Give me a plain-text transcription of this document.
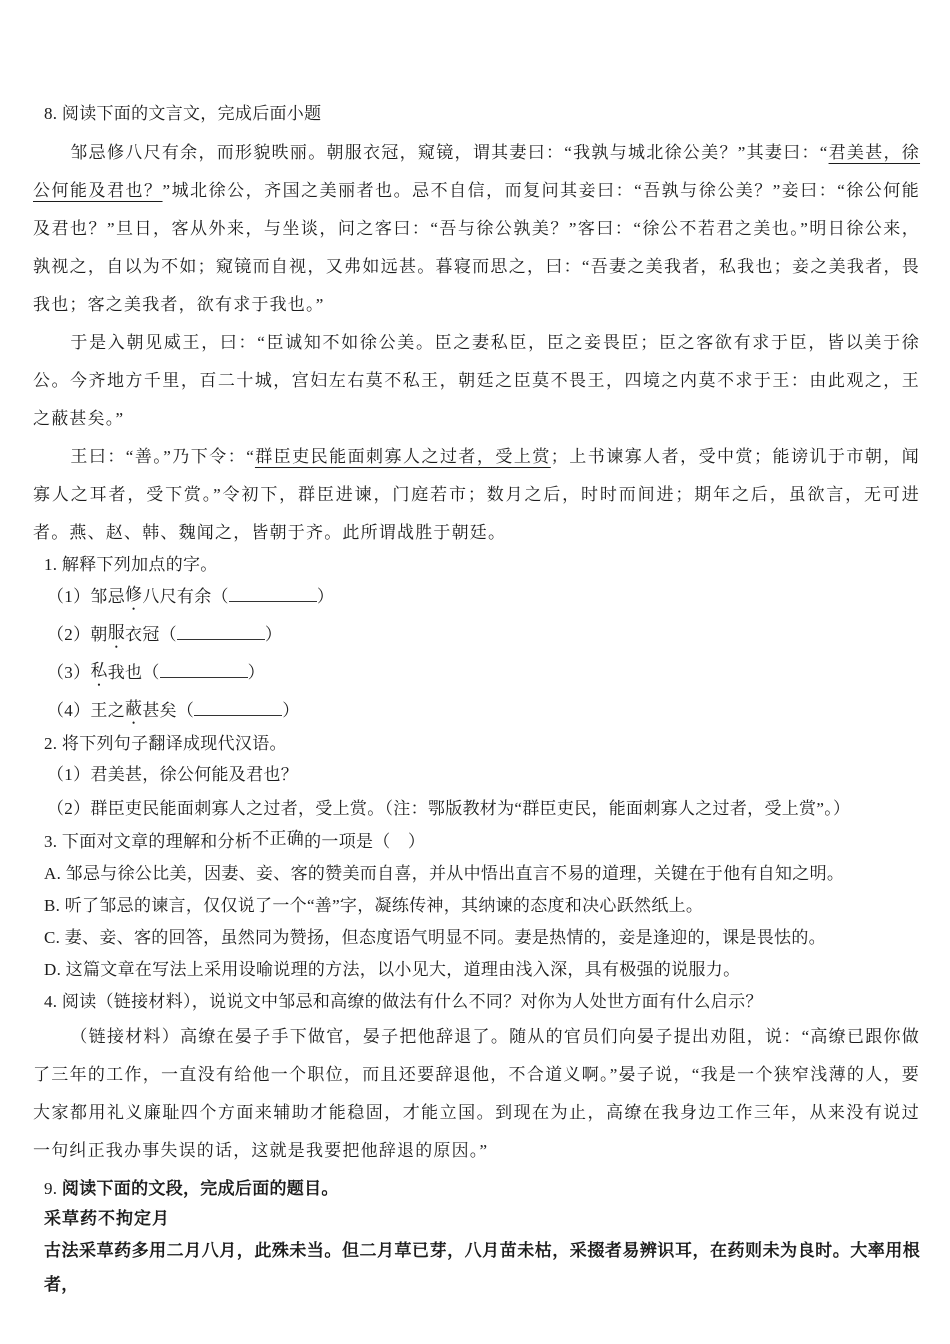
8. 阅读下面的文言文，完成后面小题

邹忌修八尺有余，而形貌昳丽。朝服衣冠，窥镜，谓其妻曰：“我孰与城北徐公美？”其妻曰：“君美甚，徐公何能及君也？”城北徐公，齐国之美丽者也。忌不自信，而复问其妾曰：“吾孰与徐公美？”妾曰：“徐公何能及君也？”旦日，客从外来，与坐谈，问之客曰：“吾与徐公孰美？”客曰：“徐公不若君之美也。”明日徐公来，孰视之，自以为不如；窥镜而自视，又弗如远甚。暮寝而思之，曰：“吾妻之美我者，私我也；妾之美我者，畏我也；客之美我者，欲有求于我也。”

于是入朝见威王，曰：“臣诚知不如徐公美。臣之妻私臣，臣之妾畏臣；臣之客欲有求于臣，皆以美于徐公。今齐地方千里，百二十城，宫妇左右莫不私王，朝廷之臣莫不畏王，四境之内莫不求于王：由此观之，王之蔽甚矣。”

王曰：“善。”乃下令：“群臣吏民能面刺寡人之过者，受上赏；上书谏寡人者，受中赏；能谤讥于市朝，闻寡人之耳者，受下赏。”令初下，群臣进谏，门庭若市；数月之后，时时而间进；期年之后，虽欲言，无可进者。燕、赵、韩、魏闻之，皆朝于齐。此所谓战胜于朝廷。

1. 解释下列加点的字。
（1）邹忌修八尺有余（	）
（2）朝服衣冠（	）
（3）私我也（	）
（4）王之蔽甚矣（	）
2. 将下列句子翻译成现代汉语。
（1）君美甚，徐公何能及君也？
（2）群臣吏民能面刺寡人之过者，受上赏。（注：鄂版教材为“群臣吏民，能面刺寡人之过者，受上赏”。）
3. 下面对文章的理解和分析不正确的一项是（　）
A. 邹忌与徐公比美，因妻、妾、客的赞美而自喜，并从中悟出直言不易的道理，关键在于他有自知之明。
B. 听了邹忌的谏言，仅仅说了一个“善”字，凝练传神，其纳谏的态度和决心跃然纸上。
C. 妻、妾、客的回答，虽然同为赞扬，但态度语气明显不同。妻是热情的，妾是逢迎的，课是畏怯的。
D. 这篇文章在写法上采用设喻说理的方法，以小见大，道理由浅入深，具有极强的说服力。
4. 阅读（链接材料），说说文中邹忌和高缭的做法有什么不同？对你为人处世方面有什么启示？

（链接材料）高缭在晏子手下做官，晏子把他辞退了。随从的官员们向晏子提出劝阻，说：“高缭已跟你做了三年的工作，一直没有给他一个职位，而且还要辞退他，不合道义啊。”晏子说，“我是一个狭窄浅薄的人，要大家都用礼义廉耻四个方面来辅助才能稳固，才能立国。到现在为止，高缭在我身边工作三年，从来没有说过一句纠正我办事失误的话，这就是我要把他辞退的原因。”

9. 阅读下面的文段，完成后面的题目。
采草药不拘定月

古法采草药多用二月八月，此殊未当。但二月草已芽，八月苗未枯，采掇者易辨识耳，在药则未为良时。大率用根者，
